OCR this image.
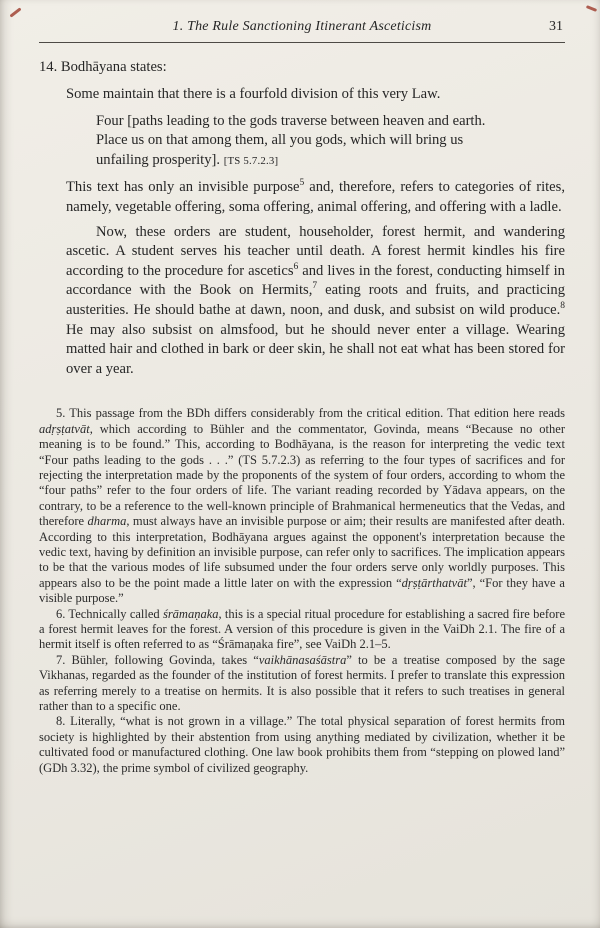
1. The Rule Sanctioning Itinerant Asceticism	31

14. Bodhāyana states:

Some maintain that there is a fourfold division of this very Law.

Four [paths leading to the gods traverse between heaven and earth. Place us on that among them, all you gods, which will bring us unfailing prosperity]. [TS 5.7.2.3]

This text has only an invisible purpose$^5$ and, therefore, refers to categories of rites, namely, vegetable offering, soma offering, animal offering, and offering with a ladle.

Now, these orders are student, householder, forest hermit, and wandering ascetic. A student serves his teacher until death. A forest hermit kindles his fire according to the procedure for ascetics$^6$ and lives in the forest, conducting himself in accordance with the Book on Hermits,$^7$ eating roots and fruits, and practicing austerities. He should bathe at dawn, noon, and dusk, and subsist on wild produce.$^8$ He may also subsist on almsfood, but he should never enter a village. Wearing matted hair and clothed in bark or deer skin, he shall not eat what has been stored for over a year.

5. This passage from the BDh differs considerably from the critical edition. That edition here reads adṛṣṭatvāt, which according to Bühler and the commentator, Govinda, means “Because no other meaning is to be found.” This, according to Bodhāyana, is the reason for interpreting the vedic text “Four paths leading to the gods . . .” (TS 5.7.2.3) as referring to the four types of sacrifices and for rejecting the interpretation made by the proponents of the system of four orders, according to whom the “four paths” refer to the four orders of life. The variant reading recorded by Yādava appears, on the contrary, to be a reference to the well-known principle of Brahmanical hermeneutics that the Vedas, and therefore dharma, must always have an invisible purpose or aim; their results are manifested after death. According to this interpretation, Bodhāyana argues against the opponent's interpretation because the vedic text, having by definition an invisible purpose, can refer only to sacrifices. The implication appears to be that the various modes of life subsumed under the four orders serve only worldly purposes. This appears also to be the point made a little later on with the expression “dṛṣṭārthatvāt”, “For they have a visible purpose.”

6. Technically called śrāmaṇaka, this is a special ritual procedure for establishing a sacred fire before a forest hermit leaves for the forest. A version of this procedure is given in the VaiDh 2.1. The fire of a hermit itself is often referred to as “Śrāmaṇaka fire”, see VaiDh 2.1–5.

7. Bühler, following Govinda, takes “vaikhānasaśāstra” to be a treatise composed by the sage Vikhanas, regarded as the founder of the institution of forest hermits. I prefer to translate this expression as referring merely to a treatise on hermits. It is also possible that it refers to such treatises in general rather than to a specific one.

8. Literally, “what is not grown in a village.” The total physical separation of forest hermits from society is highlighted by their abstention from using anything mediated by civilization, whether it be cultivated food or manufactured clothing. One law book prohibits them from “stepping on plowed land” (GDh 3.32), the prime symbol of civilized geography.
